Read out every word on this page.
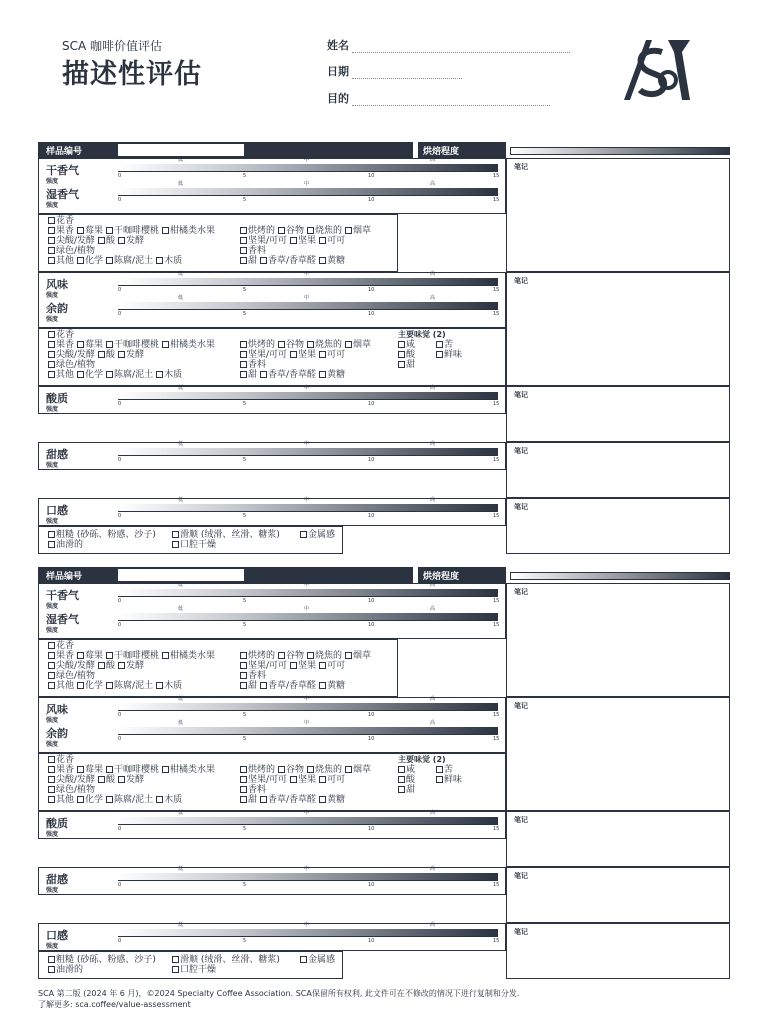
SCA 咖啡价值评估
描述性评估
姓名
日期
目的
样品编号	烘焙程度
笔记
笔记
笔记
笔记
笔记
干香气
强度
低	中	高
0	5	10	15
湿香气
强度
低	中	高
0	5	10	15
花香
果香 莓果 干咖啡樱桃 柑橘类水果
尖酸/发酵 酸 发酵
绿色/植物
其他 化学 陈腐/泥土 木质
烘烤的 谷物 烧焦的 烟草
坚果/可可 坚果 可可
香料
甜 香草/香草醛 黄糖
风味
强度
低	中	高
0	5	10	15
余韵
强度
低	中	高
0	5	10	15
花香
果香 莓果 干咖啡樱桃 柑橘类水果
尖酸/发酵 酸 发酵
绿色/植物
其他 化学 陈腐/泥土 木质
烘烤的 谷物 烧焦的 烟草
坚果/可可 坚果 可可
香料
甜 香草/香草醛 黄糖
主要味觉 (2)
咸	苦
酸	鲜味
甜
酸质
强度
低	中	高
0	5	10	15
甜感
强度
低	中	高
0	5	10	15
口感
强度
低	中	高
0	5	10	15
粗糙 (砂砾、粉感、沙子)
油滑的
滑顺 (绒滑、丝滑、糖浆)
口腔干燥
金属感
样品编号	烘焙程度
笔记
笔记
笔记
笔记
笔记
干香气
强度
低	中	高
0	5	10	15
湿香气
强度
低	中	高
0	5	10	15
花香
果香 莓果 干咖啡樱桃 柑橘类水果
尖酸/发酵 酸 发酵
绿色/植物
其他 化学 陈腐/泥土 木质
烘烤的 谷物 烧焦的 烟草
坚果/可可 坚果 可可
香料
甜 香草/香草醛 黄糖
风味
强度
低	中	高
0	5	10	15
余韵
强度
低	中	高
0	5	10	15
花香
果香 莓果 干咖啡樱桃 柑橘类水果
尖酸/发酵 酸 发酵
绿色/植物
其他 化学 陈腐/泥土 木质
烘烤的 谷物 烧焦的 烟草
坚果/可可 坚果 可可
香料
甜 香草/香草醛 黄糖
主要味觉 (2)
咸	苦
酸	鲜味
甜
酸质
强度
低	中	高
0	5	10	15
甜感
强度
低	中	高
0	5	10	15
口感
强度
低	中	高
0	5	10	15
粗糙 (砂砾、粉感、沙子)
油滑的
滑顺 (绒滑、丝滑、糖浆)
口腔干燥
金属感
SCA 第二版 (2024 年 6 月)，©2024 Specialty Coffee Association. SCA保留所有权利, 此文件可在不修改的情况下进行复制和分发.
了解更多: sca.coffee/value-assessment
